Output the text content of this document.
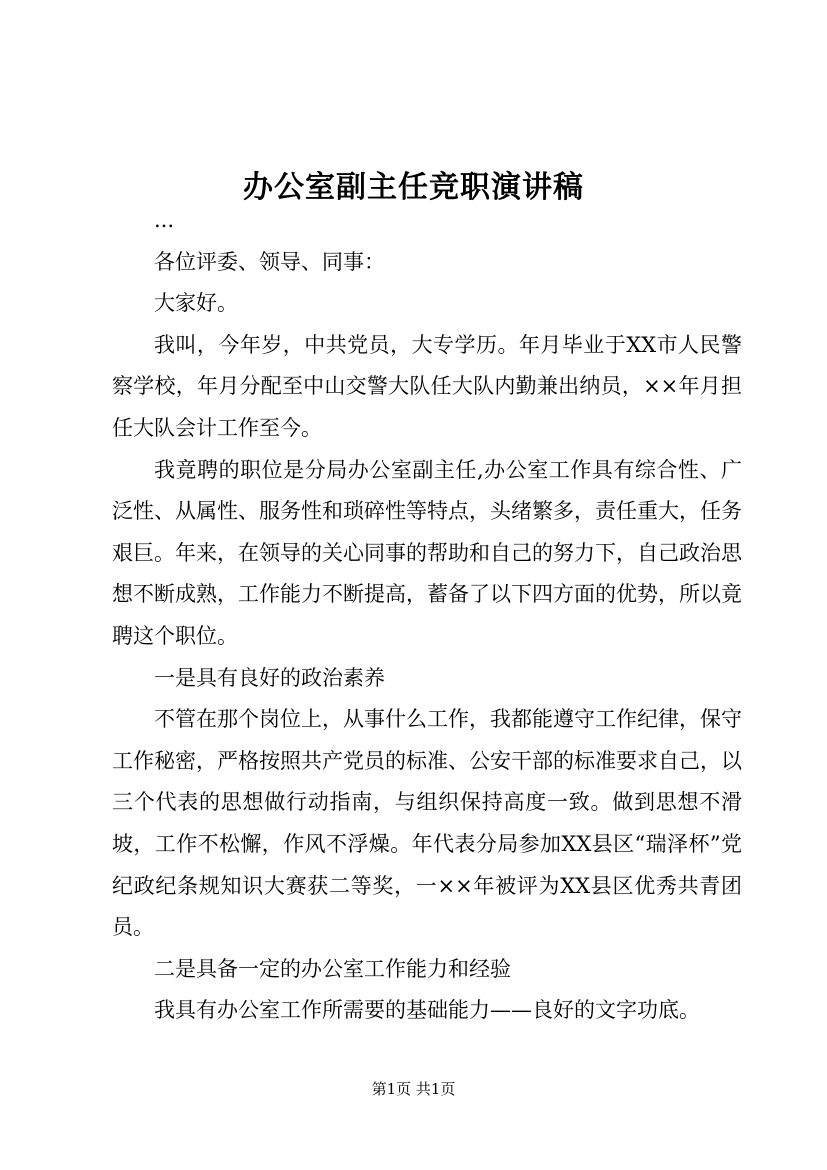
办公室副主任竞职演讲稿

...

各位评委、领导、同事：

大家好。

我叫，今年岁，中共党员，大专学历。年月毕业于XX市人民警察学校，年月分配至中山交警大队任大队内勤兼出纳员，××年月担任大队会计工作至今。

我竟聘的职位是分局办公室副主任,办公室工作具有综合性、广泛性、从属性、服务性和琐碎性等特点，头绪繁多，责任重大，任务艰巨。年来，在领导的关心同事的帮助和自己的努力下，自己政治思想不断成熟，工作能力不断提高，蓄备了以下四方面的优势，所以竟聘这个职位。

一是具有良好的政治素养

不管在那个岗位上，从事什么工作，我都能遵守工作纪律，保守工作秘密，严格按照共产党员的标准、公安干部的标准要求自己，以三个代表的思想做行动指南，与组织保持高度一致。做到思想不滑坡，工作不松懈，作风不浮燥。年代表分局参加XX县区“瑞泽杯”党纪政纪条规知识大赛获二等奖，一××年被评为XX县区优秀共青团员。

二是具备一定的办公室工作能力和经验

我具有办公室工作所需要的基础能力——良好的文字功底。

第1页 共1页
